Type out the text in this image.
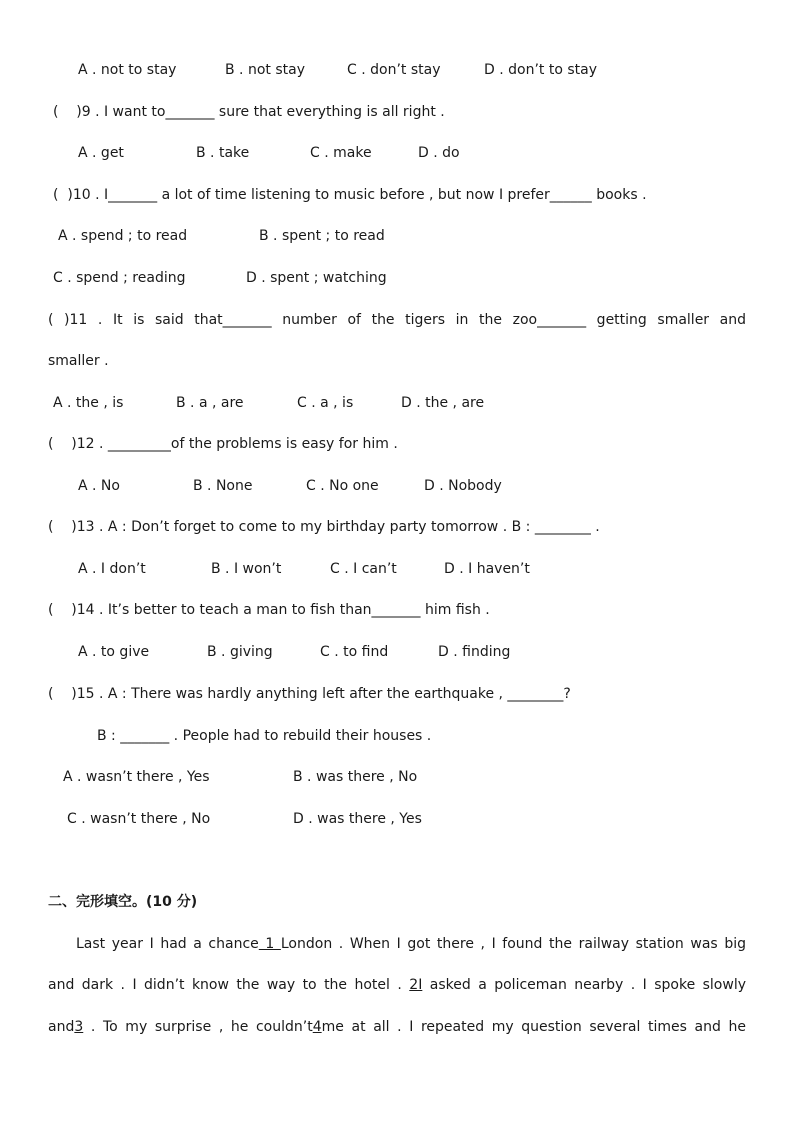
A . not to stay	B . not stay	C . don’t stay	D . don’t to stay
(    )9 . I want to_______ sure that everything is all right .
A . get	B . take	C . make	D . do
(  )10 . I_______ a lot of time listening to music before , but now I prefer______ books .
A . spend ; to read	B . spent ; to read
C . spend ; reading	D . spent ; watching
( )11 . It is said that_______ number of the tigers in the zoo_______ getting smaller and
smaller .
A . the , is	B . a , are	C . a , is	D . the , are
(    )12 . _________of the problems is easy for him .
A . No	B . None	C . No one	D . Nobody
(    )13 . A : Don’t forget to come to my birthday party tomorrow . B : ________ .
A . I don’t	B . I won’t	C . I can’t	D . I haven’t
(    )14 . It’s better to teach a man to fish than_______ him fish .
A . to give	B . giving	C . to find	D . finding
(    )15 . A : There was hardly anything left after the earthquake , ________?
B : _______ . People had to rebuild their houses .
A . wasn’t there , Yes	B . was there , No
C . wasn’t there , No	D . was there , Yes
二、完形填空。(10 分)
Last year I had a chance 1 London . When I got there , I found the railway station was big
and dark . I didn’t know the way to the hotel . 2I asked a policeman nearby . I spoke slowly
and3 . To my surprise , he couldn’t4me at all . I repeated my question several times and he
